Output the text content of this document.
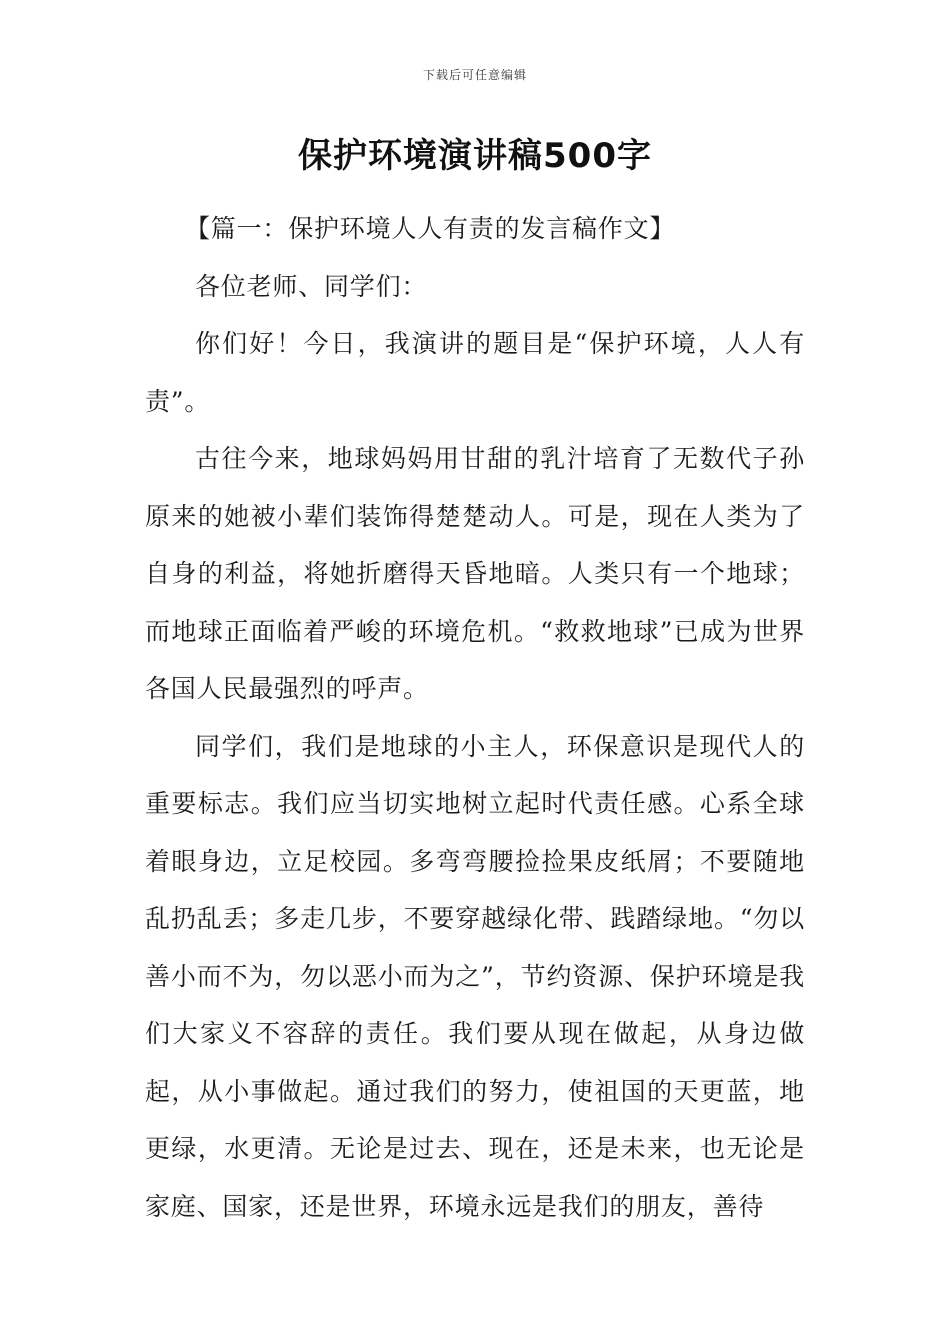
下载后可任意编辑
保护环境演讲稿500字

【篇一：保护环境人人有责的发言稿作文】

各位老师、同学们：

你们好！今日，我演讲的题目是“保护环境，人人有责”。

古往今来，地球妈妈用甘甜的乳汁培育了无数代子孙原来的她被小辈们装饰得楚楚动人。可是，现在人类为了自身的利益，将她折磨得天昏地暗。人类只有一个地球；而地球正面临着严峻的环境危机。“救救地球”已成为世界各国人民最强烈的呼声。

同学们，我们是地球的小主人，环保意识是现代人的重要标志。我们应当切实地树立起时代责任感。心系全球着眼身边，立足校园。多弯弯腰捡捡果皮纸屑；不要随地乱扔乱丢；多走几步，不要穿越绿化带、践踏绿地。“勿以善小而不为，勿以恶小而为之”，节约资源、保护环境是我们大家义不容辞的责任。我们要从现在做起，从身边做起，从小事做起。通过我们的努力，使祖国的天更蓝，地更绿，水更清。无论是过去、现在，还是未来，也无论是家庭、国家，还是世界，环境永远是我们的朋友，善待
